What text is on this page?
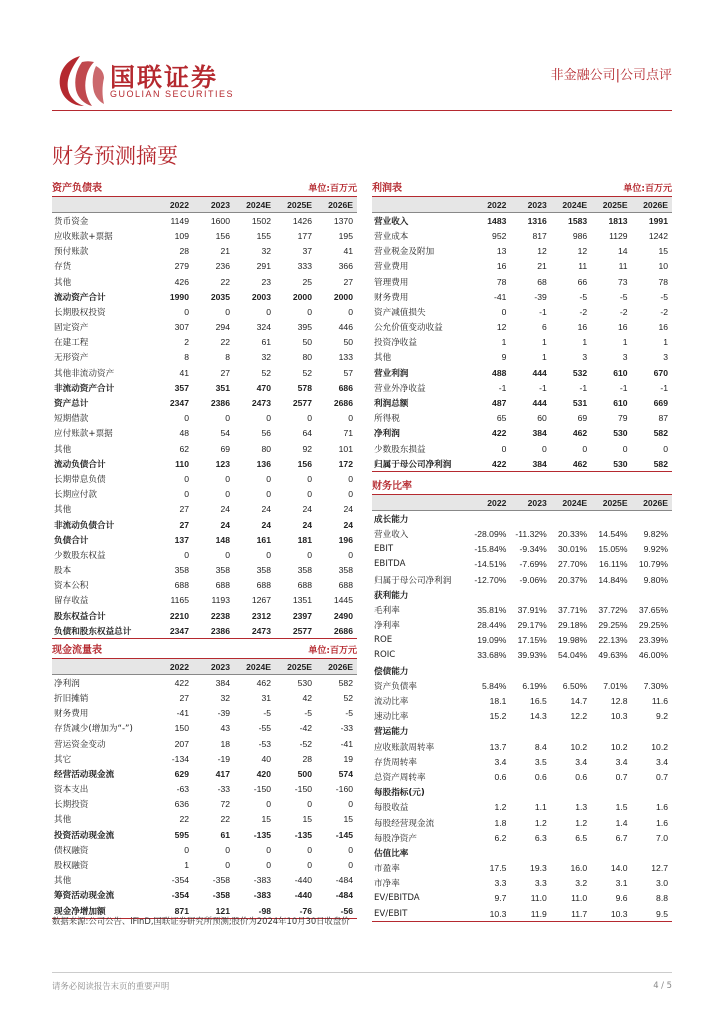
国联证券
GUOLIAN SECURITIES
非金融公司|公司点评
财务预测摘要
资产负债表	单位:百万元
	2022	2023	2024E	2025E	2026E
货币资金	1149	1600	1502	1426	1370
应收账款+票据	109	156	155	177	195
预付账款	28	21	32	37	41
存货	279	236	291	333	366
其他	426	22	23	25	27
流动资产合计	1990	2035	2003	2000	2000
长期股权投资	0	0	0	0	0
固定资产	307	294	324	395	446
在建工程	2	22	61	50	50
无形资产	8	8	32	80	133
其他非流动资产	41	27	52	52	57
非流动资产合计	357	351	470	578	686
资产总计	2347	2386	2473	2577	2686
短期借款	0	0	0	0	0
应付账款+票据	48	54	56	64	71
其他	62	69	80	92	101
流动负债合计	110	123	136	156	172
长期带息负债	0	0	0	0	0
长期应付款	0	0	0	0	0
其他	27	24	24	24	24
非流动负债合计	27	24	24	24	24
负债合计	137	148	161	181	196
少数股东权益	0	0	0	0	0
股本	358	358	358	358	358
资本公积	688	688	688	688	688
留存收益	1165	1193	1267	1351	1445
股东权益合计	2210	2238	2312	2397	2490
负债和股东权益总计	2347	2386	2473	2577	2686
现金流量表	单位:百万元
	2022	2023	2024E	2025E	2026E
净利润	422	384	462	530	582
折旧摊销	27	32	31	42	52
财务费用	-41	-39	-5	-5	-5
存货减少(增加为“-”)	150	43	-55	-42	-33
营运资金变动	207	18	-53	-52	-41
其它	-134	-19	40	28	19
经营活动现金流	629	417	420	500	574
资本支出	-63	-33	-150	-150	-160
长期投资	636	72	0	0	0
其他	22	22	15	15	15
投资活动现金流	595	61	-135	-135	-145
债权融资	0	0	0	0	0
股权融资	1	0	0	0	0
其他	-354	-358	-383	-440	-484
筹资活动现金流	-354	-358	-383	-440	-484
现金净增加额	871	121	-98	-76	-56
利润表	单位:百万元
	2022	2023	2024E	2025E	2026E
营业收入	1483	1316	1583	1813	1991
营业成本	952	817	986	1129	1242
营业税金及附加	13	12	12	14	15
营业费用	16	21	11	11	10
管理费用	78	68	66	73	78
财务费用	-41	-39	-5	-5	-5
资产减值损失	0	-1	-2	-2	-2
公允价值变动收益	12	6	16	16	16
投资净收益	1	1	1	1	1
其他	9	1	3	3	3
营业利润	488	444	532	610	670
营业外净收益	-1	-1	-1	-1	-1
利润总额	487	444	531	610	669
所得税	65	60	69	79	87
净利润	422	384	462	530	582
少数股东损益	0	0	0	0	0
归属于母公司净利润	422	384	462	530	582
财务比率
	2022	2023	2024E	2025E	2026E
成长能力					
营业收入	-28.09%	-11.32%	20.33%	14.54%	9.82%
EBIT	-15.84%	-9.34%	30.01%	15.05%	9.92%
EBITDA	-14.51%	-7.69%	27.70%	16.11%	10.79%
归属于母公司净利润	-12.70%	-9.06%	20.37%	14.84%	9.80%
获利能力					
毛利率	35.81%	37.91%	37.71%	37.72%	37.65%
净利率	28.44%	29.17%	29.18%	29.25%	29.25%
ROE	19.09%	17.15%	19.98%	22.13%	23.39%
ROIC	33.68%	39.93%	54.04%	49.63%	46.00%
偿债能力					
资产负债率	5.84%	6.19%	6.50%	7.01%	7.30%
流动比率	18.1	16.5	14.7	12.8	11.6
速动比率	15.2	14.3	12.2	10.3	9.2
营运能力					
应收账款周转率	13.7	8.4	10.2	10.2	10.2
存货周转率	3.4	3.5	3.4	3.4	3.4
总资产周转率	0.6	0.6	0.6	0.7	0.7
每股指标(元)					
每股收益	1.2	1.1	1.3	1.5	1.6
每股经营现金流	1.8	1.2	1.2	1.4	1.6
每股净资产	6.2	6.3	6.5	6.7	7.0
估值比率					
市盈率	17.5	19.3	16.0	14.0	12.7
市净率	3.3	3.3	3.2	3.1	3.0
EV/EBITDA	9.7	11.0	11.0	9.6	8.8
EV/EBIT	10.3	11.9	11.7	10.3	9.5
数据来源:公司公告、iFinD,国联证券研究所预测;股价为2024年10月30日收盘价
请务必阅读报告末页的重要声明	4 / 5
